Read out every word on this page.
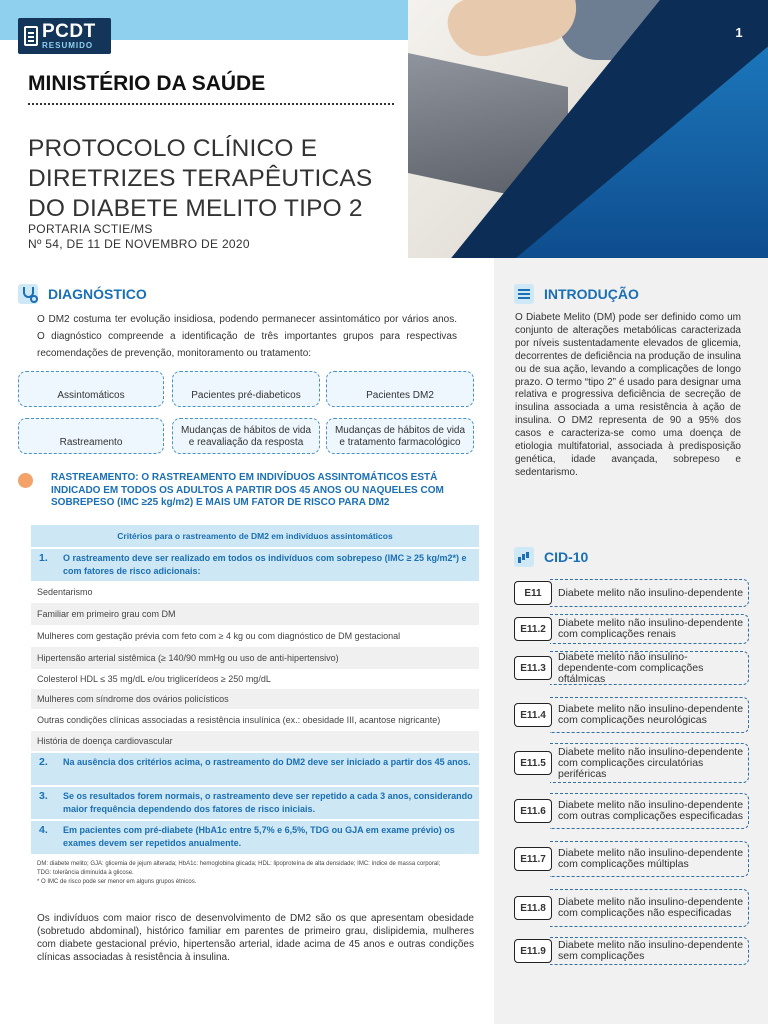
PCDT
RESUMIDO
1
MINISTÉRIO DA SAÚDE
PROTOCOLO CLÍNICO E
DIRETRIZES TERAPÊUTICAS
DO DIABETE MELITO TIPO 2
PORTARIA SCTIE/MS
Nº 54, DE 11 DE NOVEMBRO DE 2020
INTRODUÇÃO
O Diabete Melito (DM) pode ser definido como um conjunto de alterações metabólicas caracterizada por níveis sustentadamente elevados de glicemia, decorrentes de deficiência na produção de insulina ou de sua ação, levando a complicações de longo prazo. O termo “tipo 2” é usado para designar uma relativa e progressiva deficiência de secreção de insulina associada a uma resistência à ação de insulina. O DM2 representa de 90 a 95% dos casos e caracteriza-se como uma doença de etiologia multifatorial, associada à predisposição genética, idade avançada, sobrepeso e sedentarismo.
CID-10
E11	Diabete melito não insulino-dependente
E11.2	Diabete melito não insulino-dependente com complicações renais
E11.3
Diabete melito não insulino-dependente-com complicações oftálmicas
E11.4	Diabete melito não insulino-dependente com complicações neurológicas
E11.5
Diabete melito não insulino-dependente com complicações circulatórias periféricas
E11.6	Diabete melito não insulino-dependente com outras complicações especificadas
E11.7	Diabete melito não insulino-dependente com complicações múltiplas
E11.8	Diabete melito não insulino-dependente com complicações não especificadas
E11.9	Diabete melito não insulino-dependente sem complicações
DIAGNÓSTICO
O DM2 costuma ter evolução insidiosa, podendo permanecer assintomático por vários anos. O diagnóstico compreende a identificação de três importantes grupos para respectivas recomendações de prevenção, monitoramento ou tratamento:
Assintomáticos	Pacientes pré-diabeticos	Pacientes DM2
Rastreamento
Mudanças de hábitos de vida e reavaliação da resposta
Mudanças de hábitos de vida e tratamento farmacológico
RASTREAMENTO: O RASTREAMENTO EM INDIVÍDUOS ASSINTOMÁTICOS ESTÁ INDICADO EM TODOS OS ADULTOS A PARTIR DOS 45 ANOS OU NAQUELES COM SOBREPESO (IMC ≥25 kg/m2) E MAIS UM FATOR DE RISCO PARA DM2
Critérios para o rastreamento de DM2 em indivíduos assintomáticos
1.	O rastreamento deve ser realizado em todos os indivíduos com sobrepeso (IMC ≥ 25 kg/m2*) e com fatores de risco adicionais:
Sedentarismo
Familiar em primeiro grau com DM
Mulheres com gestação prévia com feto com ≥ 4 kg ou com diagnóstico de DM gestacional
Hipertensão arterial sistêmica (≥ 140/90 mmHg ou uso de anti-hipertensivo)
Colesterol HDL ≤ 35 mg/dL e/ou triglicerídeos ≥ 250 mg/dL
Mulheres com síndrome dos ovários policísticos
Outras condições clínicas associadas a resistência insulínica (ex.: obesidade III, acantose nigricante)
História de doença cardiovascular
2.	Na ausência dos critérios acima, o rastreamento do DM2 deve ser iniciado a partir dos 45 anos.
3.	Se os resultados forem normais, o rastreamento deve ser repetido a cada 3 anos, considerando maior frequência dependendo dos fatores de risco iniciais.
4.	Em pacientes com pré-diabete (HbA1c entre 5,7% e 6,5%, TDG ou GJA em exame prévio) os exames devem ser repetidos anualmente.
DM: diabete melito; GJA: glicemia de jejum alterada; HbA1c: hemoglobina glicada; HDL: lipoproteína de alta densidade; IMC: índice de massa corporal;
TDG: tolerância diminuída à glicose.
* O IMC de risco pode ser menor em alguns grupos étnicos.
Os indivíduos com maior risco de desenvolvimento de DM2 são os que apresentam obesidade (sobretudo abdominal), histórico familiar em parentes de primeiro grau, dislipidemia, mulheres com diabete gestacional prévio, hipertensão arterial, idade acima de 45 anos e outras condições clínicas associadas à resistência à insulina.
